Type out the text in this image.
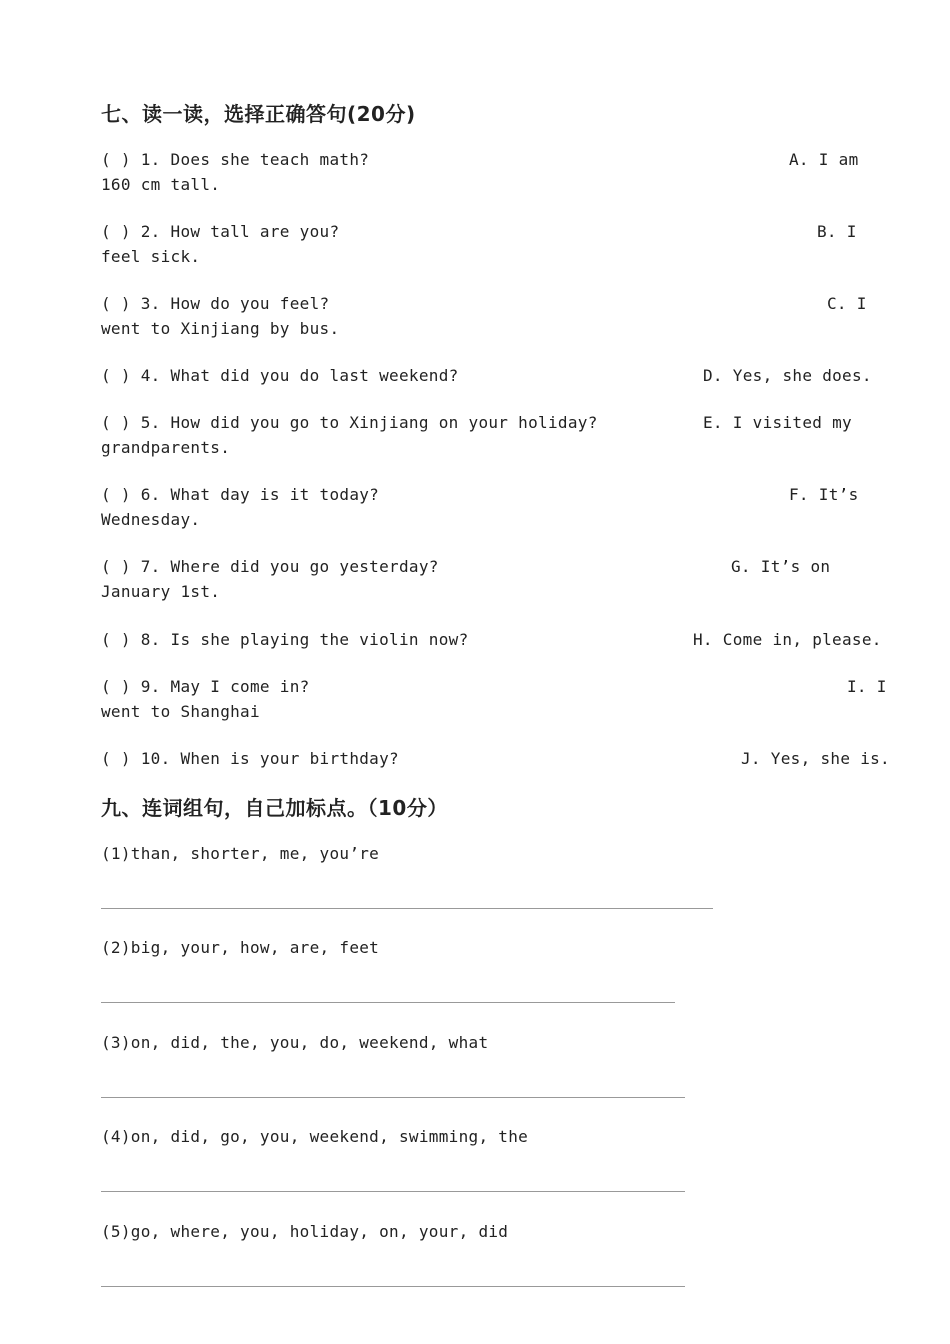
七、读一读，选择正确答句(20分)
( ) 1. Does she teach math?	A. I am
160 cm tall.
( ) 2. How tall are you?	B. I
feel sick.
( ) 3. How do you feel?	C. I
went to Xinjiang by bus.
( ) 4. What did you do last weekend?	D. Yes, she does.
( ) 5. How did you go to Xinjiang on your holiday?	E. I visited my
grandparents.
( ) 6. What day is it today?	F. It’s
Wednesday.
( ) 7. Where did you go yesterday?	G. It’s on
January 1st.
( ) 8. Is she playing the violin now?	H. Come in, please.
( ) 9. May I come in?	I. I
went to Shanghai
( ) 10. When is your birthday?	J. Yes, she is.
九、连词组句，自己加标点。（10分）
(1)than, shorter, me, you’re
(2)big, your, how, are, feet
(3)on, did, the, you, do, weekend, what
(4)on, did, go, you, weekend, swimming, the
(5)go, where, you, holiday, on, your, did
